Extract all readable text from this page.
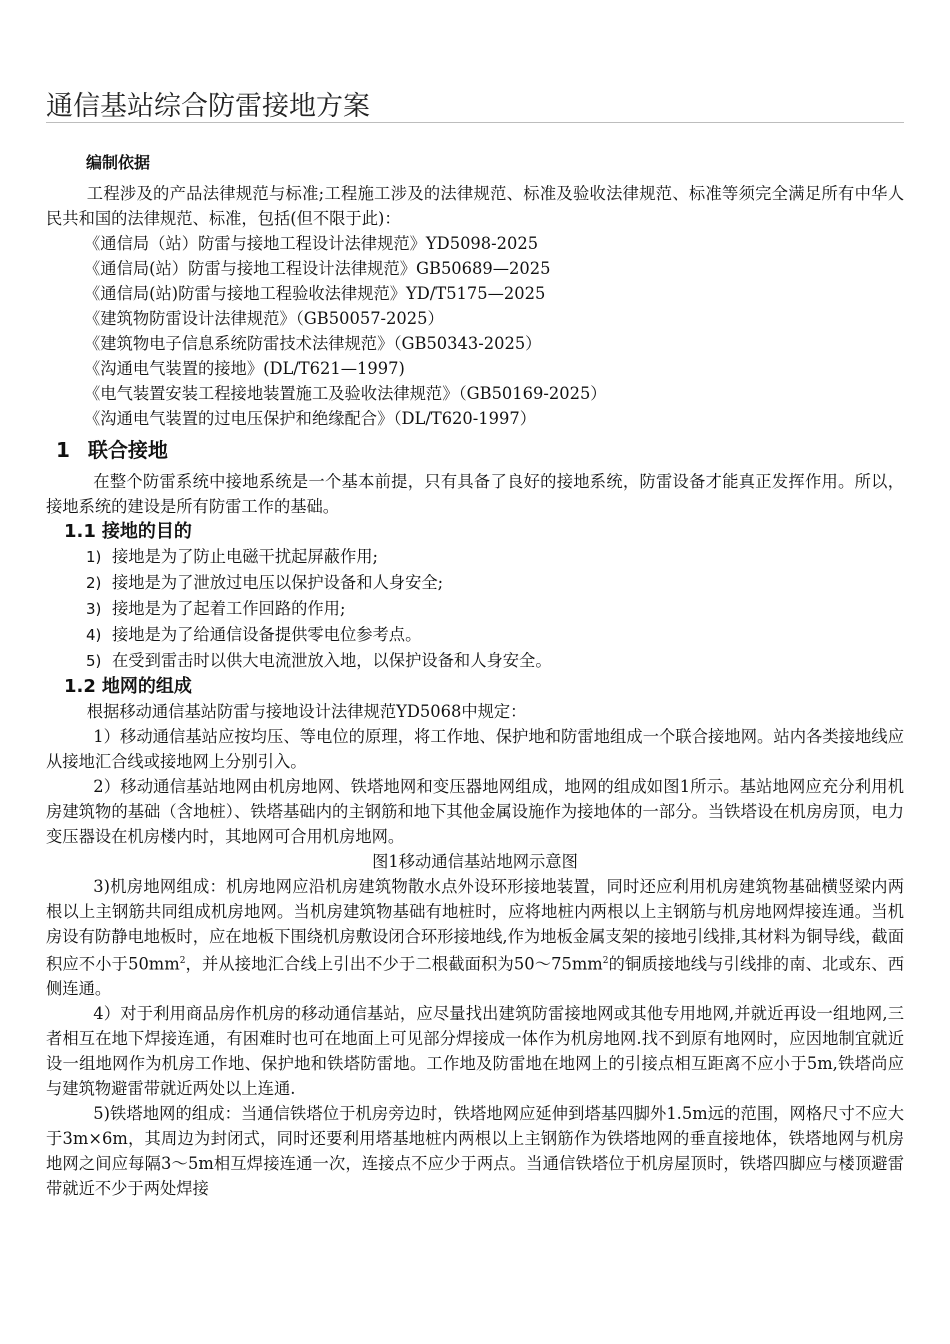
通信基站综合防雷接地方案

编制依据

工程涉及的产品法律规范与标准;工程施工涉及的法律规范、标准及验收法律规范、标准等须完全满足所有中华人民共和国的法律规范、标准，包括(但不限于此)：

《通信局（站）防雷与接地工程设计法律规范》YD5098-2025

《通信局(站）防雷与接地工程设计法律规范》GB50689—2025

《通信局(站)防雷与接地工程验收法律规范》YD/T5175—2025

《建筑物防雷设计法律规范》（GB50057-2025）

《建筑物电子信息系统防雷技术法律规范》（GB50343-2025）

《沟通电气装置的接地》(DL/T621—1997)

《电气装置安装工程接地装置施工及验收法律规范》（GB50169-2025）

《沟通电气装置的过电压保护和绝缘配合》（DL/T620-1997）

1 联合接地

在整个防雷系统中接地系统是一个基本前提，只有具备了良好的接地系统，防雷设备才能真正发挥作用。所以，接地系统的建设是所有防雷工作的基础。

1.1 接地的目的

1) 接地是为了防止电磁干扰起屏蔽作用;

2) 接地是为了泄放过电压以保护设备和人身安全;

3) 接地是为了起着工作回路的作用;

4) 接地是为了给通信设备提供零电位参考点。

5) 在受到雷击时以供大电流泄放入地，以保护设备和人身安全。

1.2 地网的组成

根据移动通信基站防雷与接地设计法律规范YD5068中规定：

1）移动通信基站应按均压、等电位的原理，将工作地、保护地和防雷地组成一个联合接地网。站内各类接地线应从接地汇合线或接地网上分别引入。

2）移动通信基站地网由机房地网、铁塔地网和变压器地网组成，地网的组成如图1所示。基站地网应充分利用机房建筑物的基础（含地桩）、铁塔基础内的主钢筋和地下其他金属设施作为接地体的一部分。当铁塔设在机房房顶，电力变压器设在机房楼内时，其地网可合用机房地网。

图1移动通信基站地网示意图

3)机房地网组成：机房地网应沿机房建筑物散水点外设环形接地装置，同时还应利用机房建筑物基础横竖梁内两根以上主钢筋共同组成机房地网。当机房建筑物基础有地桩时，应将地桩内两根以上主钢筋与机房地网焊接连通。当机房设有防静电地板时，应在地板下围绕机房敷设闭合环形接地线,作为地板金属支架的接地引线排,其材料为铜导线，截面积应不小于$50mm^2$，并从接地汇合线上引出不少于二根截面积为$50\sim 75mm^2$的铜质接地线与引线排的南、北或东、西侧连通。

4）对于利用商品房作机房的移动通信基站，应尽量找出建筑防雷接地网或其他专用地网,并就近再设一组地网,三者相互在地下焊接连通，有困难时也可在地面上可见部分焊接成一体作为机房地网.找不到原有地网时，应因地制宜就近设一组地网作为机房工作地、保护地和铁塔防雷地。工作地及防雷地在地网上的引接点相互距离不应小于5m,铁塔尚应与建筑物避雷带就近两处以上连通.

5)铁塔地网的组成：当通信铁塔位于机房旁边时，铁塔地网应延伸到塔基四脚外1.5m远的范围，网格尺寸不应大于3m×6m，其周边为封闭式，同时还要利用塔基地桩内两根以上主钢筋作为铁塔地网的垂直接地体，铁塔地网与机房地网之间应每隔3～5m相互焊接连通一次，连接点不应少于两点。当通信铁塔位于机房屋顶时，铁塔四脚应与楼顶避雷带就近不少于两处焊接
